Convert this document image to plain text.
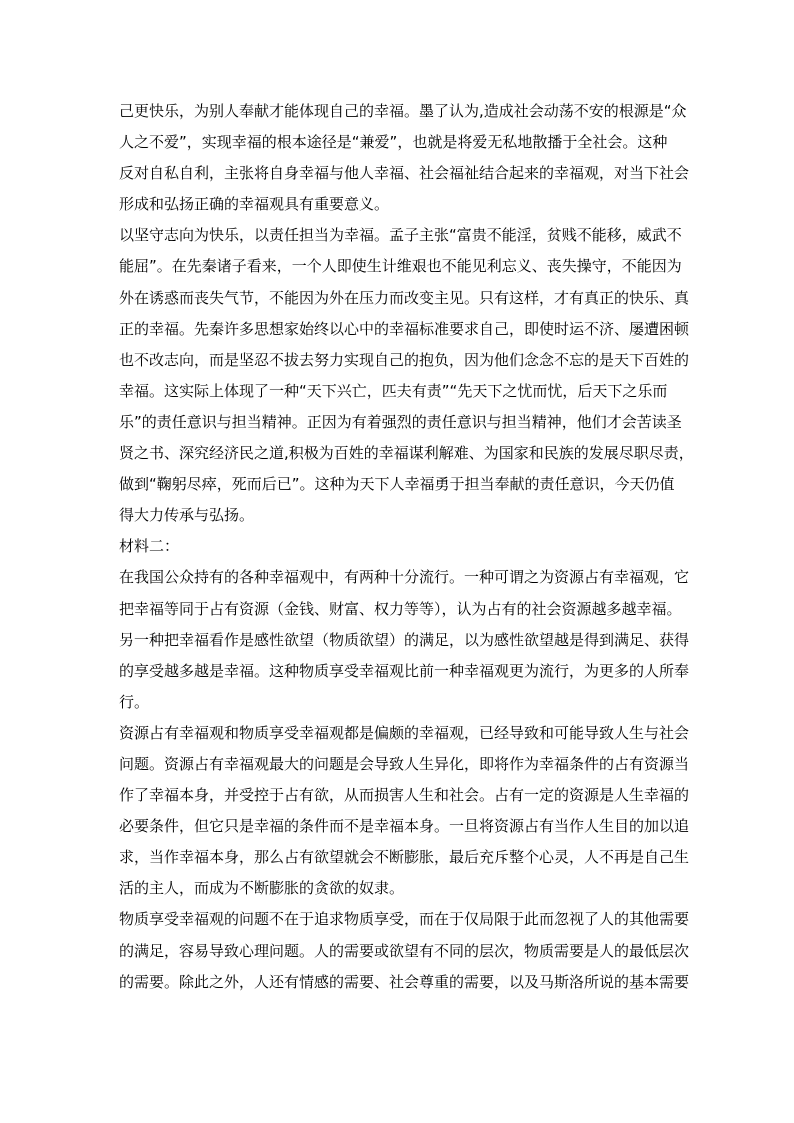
己更快乐，为别人奉献才能体现自己的幸福。墨了认为,造成社会动荡不安的根源是“众
人之不爱”，实现幸福的根本途径是“兼爱”，也就是将爱无私地散播于全社会。这种
反对自私自利，主张将自身幸福与他人幸福、社会福祉结合起来的幸福观，对当下社会
形成和弘扬正确的幸福观具有重要意义。
以坚守志向为快乐，以责任担当为幸福。孟子主张“富贵不能淫，贫贱不能移，威武不
能屈”。在先秦诸子看来，一个人即使生计维艰也不能见利忘义、丧失操守，不能因为
外在诱惑而丧失气节，不能因为外在压力而改变主见。只有这样，才有真正的快乐、真
正的幸福。先秦许多思想家始终以心中的幸福标准要求自己，即使时运不济、屡遭困顿
也不改志向，而是坚忍不拔去努力实现自己的抱负，因为他们念念不忘的是天下百姓的
幸福。这实际上体现了一种“天下兴亡，匹夫有责”“先天下之忧而忧，后天下之乐而
乐”的责任意识与担当精神。正因为有着强烈的责任意识与担当精神，他们才会苦读圣
贤之书、深究经济民之道,积极为百姓的幸福谋利解难、为国家和民族的发展尽职尽责，
做到“鞠躬尽瘁，死而后已”。这种为天下人幸福勇于担当奉献的责任意识，今天仍值
得大力传承与弘扬。
材料二：
在我国公众持有的各种幸福观中，有两种十分流行。一种可谓之为资源占有幸福观，它
把幸福等同于占有资源（金钱、财富、权力等等），认为占有的社会资源越多越幸福。
另一种把幸福看作是感性欲望（物质欲望）的满足，以为感性欲望越是得到满足、获得
的享受越多越是幸福。这种物质享受幸福观比前一种幸福观更为流行，为更多的人所奉
行。
资源占有幸福观和物质享受幸福观都是偏颇的幸福观，已经导致和可能导致人生与社会
问题。资源占有幸福观最大的问题是会导致人生异化，即将作为幸福条件的占有资源当
作了幸福本身，并受控于占有欲，从而损害人生和社会。占有一定的资源是人生幸福的
必要条件，但它只是幸福的条件而不是幸福本身。一旦将资源占有当作人生目的加以追
求，当作幸福本身，那么占有欲望就会不断膨胀，最后充斥整个心灵，人不再是自己生
活的主人，而成为不断膨胀的贪欲的奴隶。
物质享受幸福观的问题不在于追求物质享受，而在于仅局限于此而忽视了人的其他需要
的满足，容易导致心理问题。人的需要或欲望有不同的层次，物质需要是人的最低层次
的需要。除此之外，人还有情感的需要、社会尊重的需要，以及马斯洛所说的基本需要
